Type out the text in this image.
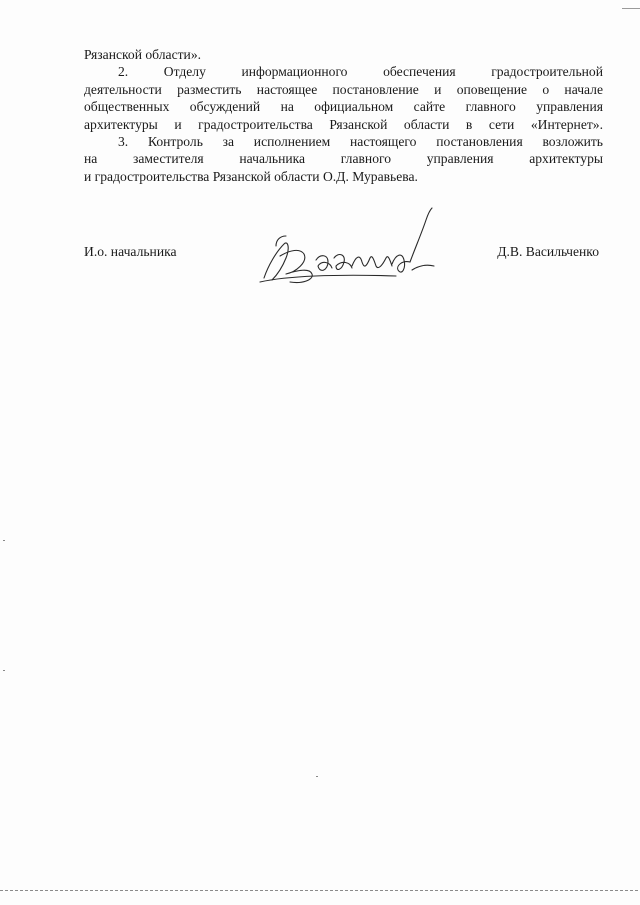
Рязанской области».
2. Отделу информационного обеспечения градостроительной
деятельности разместить настоящее постановление и оповещение о начале
общественных обсуждений на официальном сайте главного управления
архитектуры и градостроительства Рязанской области в сети «Интернет».
3. Контроль за исполнением настоящего постановления возложить
на заместителя начальника главного управления архитектуры
и градостроительства Рязанской области О.Д. Муравьева.
И.о. начальника	Д.В. Васильченко
